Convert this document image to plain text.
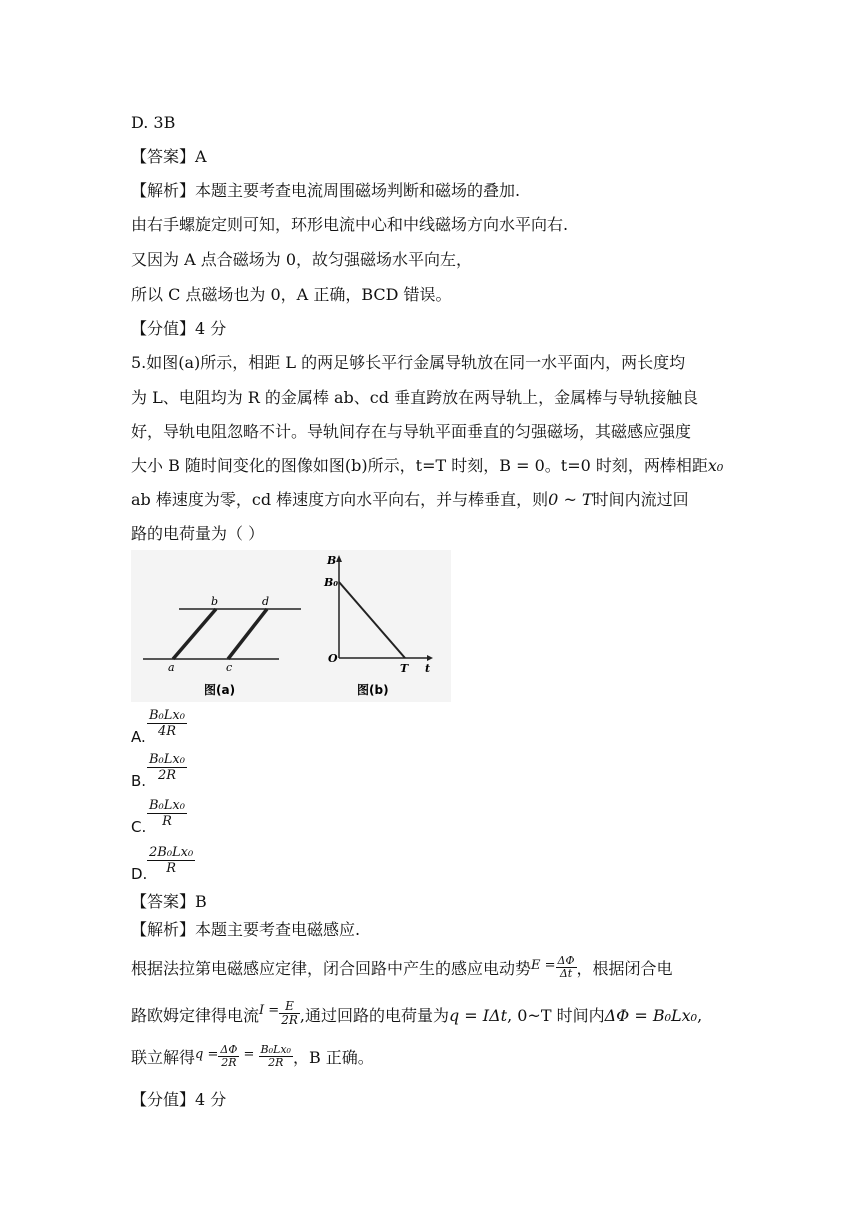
D. 3B
【答案】A
【解析】本题主要考查电流周围磁场判断和磁场的叠加.
由右手螺旋定则可知，环形电流中心和中线磁场方向水平向右.
又因为 A 点合磁场为 0，故匀强磁场水平向左，
所以 C 点磁场也为 0，A 正确，BCD 错误。
【分值】4 分
5.如图(a)所示，相距 L 的两足够长平行金属导轨放在同一水平面内，两长度均
为 L、电阻均为 R 的金属棒 ab、cd 垂直跨放在两导轨上，金属棒与导轨接触良
好，导轨电阻忽略不计。导轨间存在与导轨平面垂直的匀强磁场，其磁感应强度
大小 B 随时间变化的图像如图(b)所示，t=T 时刻，B = 0。t=0 时刻，两棒相距x₀
ab 棒速度为零，cd 棒速度方向水平向右，并与棒垂直，则0 ~ T时间内流过回
路的电荷量为（ ）
b	d
a	c
图(a)
B
B₀
O
T t
图(b)
A. $\frac{\text{B₀Lx₀}}{4R}$
B. $\frac{\text{B₀Lx₀}}{2R}$
C. $\frac{\text{B₀Lx₀}}{R}$
D. $\frac{\text{2B₀Lx₀}}{R}$
【答案】B
【解析】本题主要考查电磁感应.
根据法拉第电磁感应定律，闭合回路中产生的感应电动势$^{E =} \frac{\Delta\Phi}{\Delta t}$ ，根据闭合电
路欧姆定律得电流$^{I =} \frac{E}{2R}$ ,通过回路的电荷量为q = IΔt, 0~T 时间内ΔΦ = B₀Lx₀,
联立解得$^{q =} \frac{\Delta\Phi}{2R} ^= \frac{\text{B₀Lx₀}}{2R}$ ，B 正确。
【分值】4 分
